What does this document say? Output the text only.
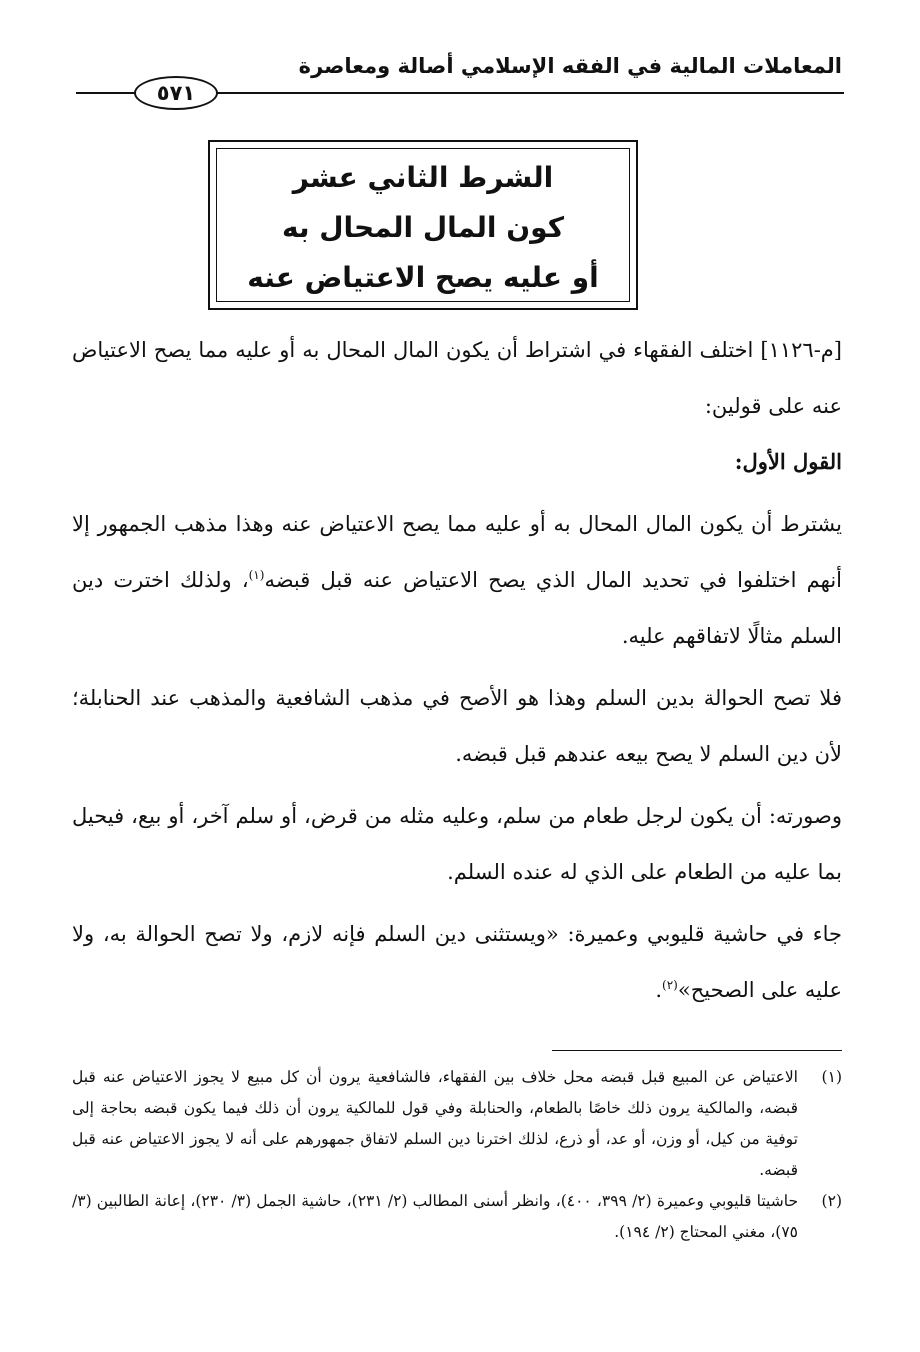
المعاملات المالية في الفقه الإسلامي أصالة ومعاصرة
٥٧١

الشرط الثاني عشر

كون المال المحال به

أو عليه يصح الاعتياض عنه

[م-١١٢٦] اختلف الفقهاء في اشتراط أن يكون المال المحال به أو عليه مما يصح الاعتياض عنه على قولين:

القول الأول:

يشترط أن يكون المال المحال به أو عليه مما يصح الاعتياض عنه وهذا مذهب الجمهور إلا أنهم اختلفوا في تحديد المال الذي يصح الاعتياض عنه قبل قبضه$^{(١)}$، ولذلك اخترت دين السلم مثالًا لاتفاقهم عليه.

فلا تصح الحوالة بدين السلم وهذا هو الأصح في مذهب الشافعية والمذهب عند الحنابلة؛ لأن دين السلم لا يصح بيعه عندهم قبل قبضه.

وصورته: أن يكون لرجل طعام من سلم، وعليه مثله من قرض، أو سلم آخر، أو بيع، فيحيل بما عليه من الطعام على الذي له عنده السلم.

جاء في حاشية قليوبي وعميرة: «ويستثنى دين السلم فإنه لازم، ولا تصح الحوالة به، ولا عليه على الصحيح»$^{(٢)}$.

(١)
الاعتياض عن المبيع قبل قبضه محل خلاف بين الفقهاء، فالشافعية يرون أن كل مبيع لا يجوز الاعتياض عنه قبل قبضه، والمالكية يرون ذلك خاصًا بالطعام، والحنابلة وفي قول للمالكية يرون أن ذلك فيما يكون قبضه بحاجة إلى توفية من كيل، أو وزن، أو عد، أو ذرع، لذلك اخترنا دين السلم لاتفاق جمهورهم على أنه لا يجوز الاعتياض عنه قبل قبضه.
(٢)
حاشيتا قليوبي وعميرة (٢/ ٣٩٩، ٤٠٠)، وانظر أسنى المطالب (٢/ ٢٣١)، حاشية الجمل (٣/ ٢٣٠)، إعانة الطالبين (٣/ ٧٥)، مغني المحتاج (٢/ ١٩٤).
